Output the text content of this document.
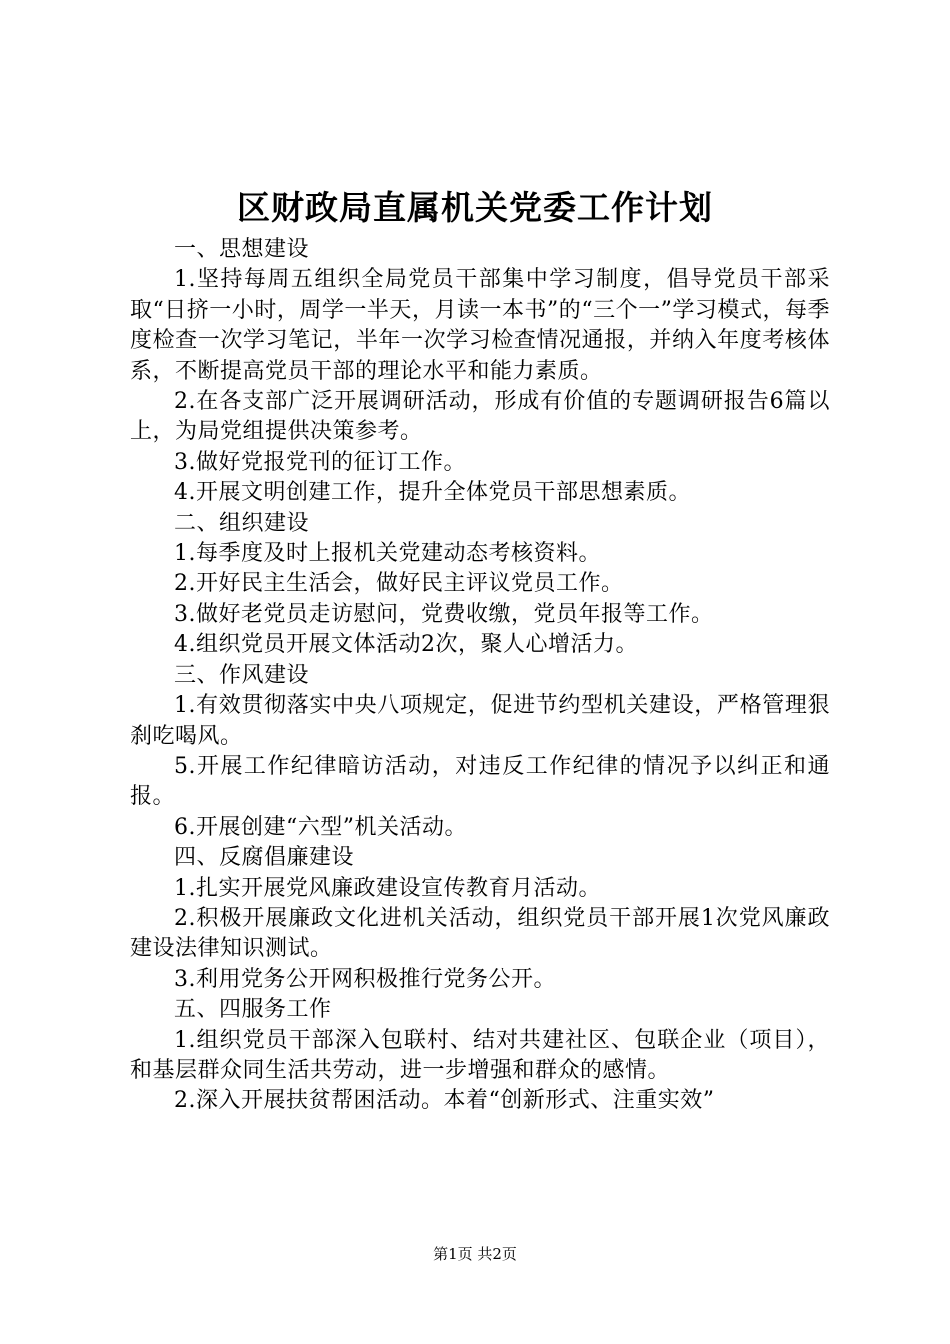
区财政局直属机关党委工作计划

一、思想建设

1.坚持每周五组织全局党员干部集中学习制度，倡导党员干部采取“日挤一小时，周学一半天，月读一本书”的“三个一”学习模式，每季度检查一次学习笔记，半年一次学习检查情况通报，并纳入年度考核体系，不断提高党员干部的理论水平和能力素质。

2.在各支部广泛开展调研活动，形成有价值的专题调研报告6篇以上，为局党组提供决策参考。

3.做好党报党刊的征订工作。

4.开展文明创建工作，提升全体党员干部思想素质。

二、组织建设

1.每季度及时上报机关党建动态考核资料。

2.开好民主生活会，做好民主评议党员工作。

3.做好老党员走访慰问，党费收缴，党员年报等工作。

4.组织党员开展文体活动2次，聚人心增活力。

三、作风建设

1.有效贯彻落实中央八项规定，促进节约型机关建设，严格管理狠刹吃喝风。

5.开展工作纪律暗访活动，对违反工作纪律的情况予以纠正和通报。

6.开展创建“六型”机关活动。

四、反腐倡廉建设

1.扎实开展党风廉政建设宣传教育月活动。

2.积极开展廉政文化进机关活动，组织党员干部开展1次党风廉政建设法律知识测试。

3.利用党务公开网积极推行党务公开。

五、四服务工作

1.组织党员干部深入包联村、结对共建社区、包联企业（项目），和基层群众同生活共劳动，进一步增强和群众的感情。

2.深入开展扶贫帮困活动。本着“创新形式、注重实效”

第1页 共2页
